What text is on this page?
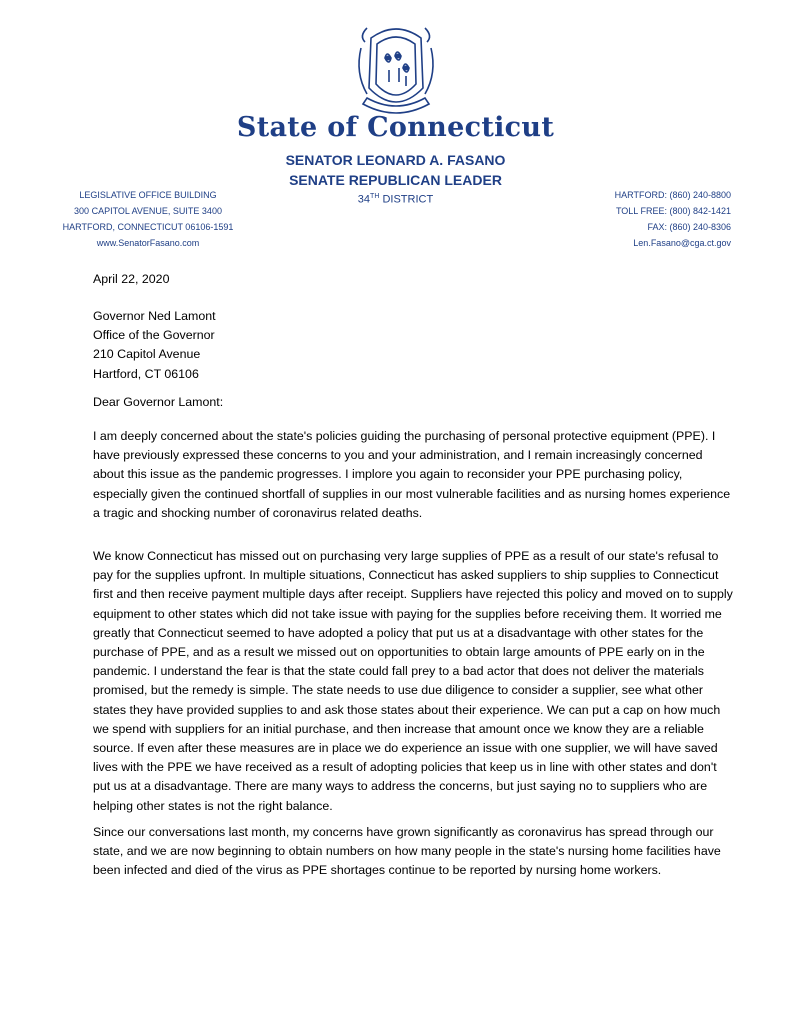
State of Connecticut
SENATOR LEONARD A. FASANO
SENATE REPUBLICAN LEADER
34TH DISTRICT
LEGISLATIVE OFFICE BUILDING
300 CAPITOL AVENUE, SUITE 3400
HARTFORD, CONNECTICUT 06106-1591
www.SenatorFasano.com
HARTFORD: (860) 240-8800
TOLL FREE: (800) 842-1421
FAX: (860) 240-8306
Len.Fasano@cga.ct.gov
April 22, 2020
Governor Ned Lamont
Office of the Governor
210 Capitol Avenue
Hartford, CT 06106
Dear Governor Lamont:

I am deeply concerned about the state's policies guiding the purchasing of personal protective equipment (PPE). I have previously expressed these concerns to you and your administration, and I remain increasingly concerned about this issue as the pandemic progresses. I implore you again to reconsider your PPE purchasing policy, especially given the continued shortfall of supplies in our most vulnerable facilities and as nursing homes experience a tragic and shocking number of coronavirus related deaths.

We know Connecticut has missed out on purchasing very large supplies of PPE as a result of our state's refusal to pay for the supplies upfront. In multiple situations, Connecticut has asked suppliers to ship supplies to Connecticut first and then receive payment multiple days after receipt. Suppliers have rejected this policy and moved on to supply equipment to other states which did not take issue with paying for the supplies before receiving them. It worried me greatly that Connecticut seemed to have adopted a policy that put us at a disadvantage with other states for the purchase of PPE, and as a result we missed out on opportunities to obtain large amounts of PPE early on in the pandemic. I understand the fear is that the state could fall prey to a bad actor that does not deliver the materials promised, but the remedy is simple. The state needs to use due diligence to consider a supplier, see what other states they have provided supplies to and ask those states about their experience. We can put a cap on how much we spend with suppliers for an initial purchase, and then increase that amount once we know they are a reliable source. If even after these measures are in place we do experience an issue with one supplier, we will have saved lives with the PPE we have received as a result of adopting policies that keep us in line with other states and don't put us at a disadvantage. There are many ways to address the concerns, but just saying no to suppliers who are helping other states is not the right balance.

Since our conversations last month, my concerns have grown significantly as coronavirus has spread through our state, and we are now beginning to obtain numbers on how many people in the state's nursing home facilities have been infected and died of the virus as PPE shortages continue to be reported by nursing home workers.
